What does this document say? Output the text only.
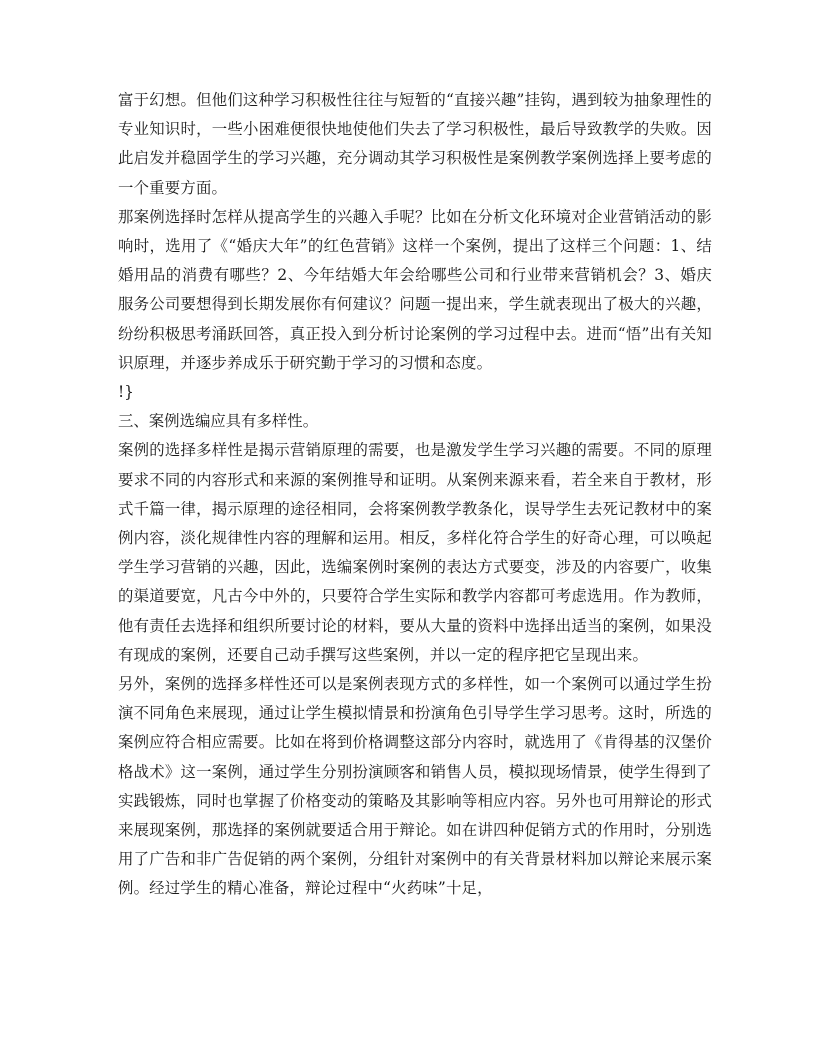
富于幻想。但他们这种学习积极性往往与短暂的“直接兴趣”挂钩，遇到较为抽象理性的专业知识时，一些小困难便很快地使他们失去了学习积极性，最后导致教学的失败。因此启发并稳固学生的学习兴趣，充分调动其学习积极性是案例教学案例选择上要考虑的一个重要方面。

那案例选择时怎样从提高学生的兴趣入手呢？比如在分析文化环境对企业营销活动的影响时，选用了《“婚庆大年”的红色营销》这样一个案例，提出了这样三个问题：1、结婚用品的消费有哪些？2、今年结婚大年会给哪些公司和行业带来营销机会？3、婚庆服务公司要想得到长期发展你有何建议？问题一提出来，学生就表现出了极大的兴趣，纷纷积极思考涌跃回答，真正投入到分析讨论案例的学习过程中去。进而“悟”出有关知识原理，并逐步养成乐于研究勤于学习的习惯和态度。

!}

三、案例选编应具有多样性。

案例的选择多样性是揭示营销原理的需要，也是激发学生学习兴趣的需要。不同的原理要求不同的内容形式和来源的案例推导和证明。从案例来源来看，若全来自于教材，形式千篇一律，揭示原理的途径相同，会将案例教学教条化，误导学生去死记教材中的案例内容，淡化规律性内容的理解和运用。相反，多样化符合学生的好奇心理，可以唤起学生学习营销的兴趣，因此，选编案例时案例的表达方式要变，涉及的内容要广，收集的渠道要宽，凡古今中外的，只要符合学生实际和教学内容都可考虑选用。作为教师，他有责任去选择和组织所要讨论的材料，要从大量的资料中选择出适当的案例，如果没有现成的案例，还要自己动手撰写这些案例，并以一定的程序把它呈现出来。

另外，案例的选择多样性还可以是案例表现方式的多样性，如一个案例可以通过学生扮演不同角色来展现，通过让学生模拟情景和扮演角色引导学生学习思考。这时，所选的案例应符合相应需要。比如在将到价格调整这部分内容时，就选用了《肯得基的汉堡价格战术》这一案例，通过学生分别扮演顾客和销售人员，模拟现场情景，使学生得到了实践锻炼，同时也掌握了价格变动的策略及其影响等相应内容。另外也可用辩论的形式来展现案例，那选择的案例就要适合用于辩论。如在讲四种促销方式的作用时，分别选用了广告和非广告促销的两个案例，分组针对案例中的有关背景材料加以辩论来展示案例。经过学生的精心准备，辩论过程中“火药味”十足，
